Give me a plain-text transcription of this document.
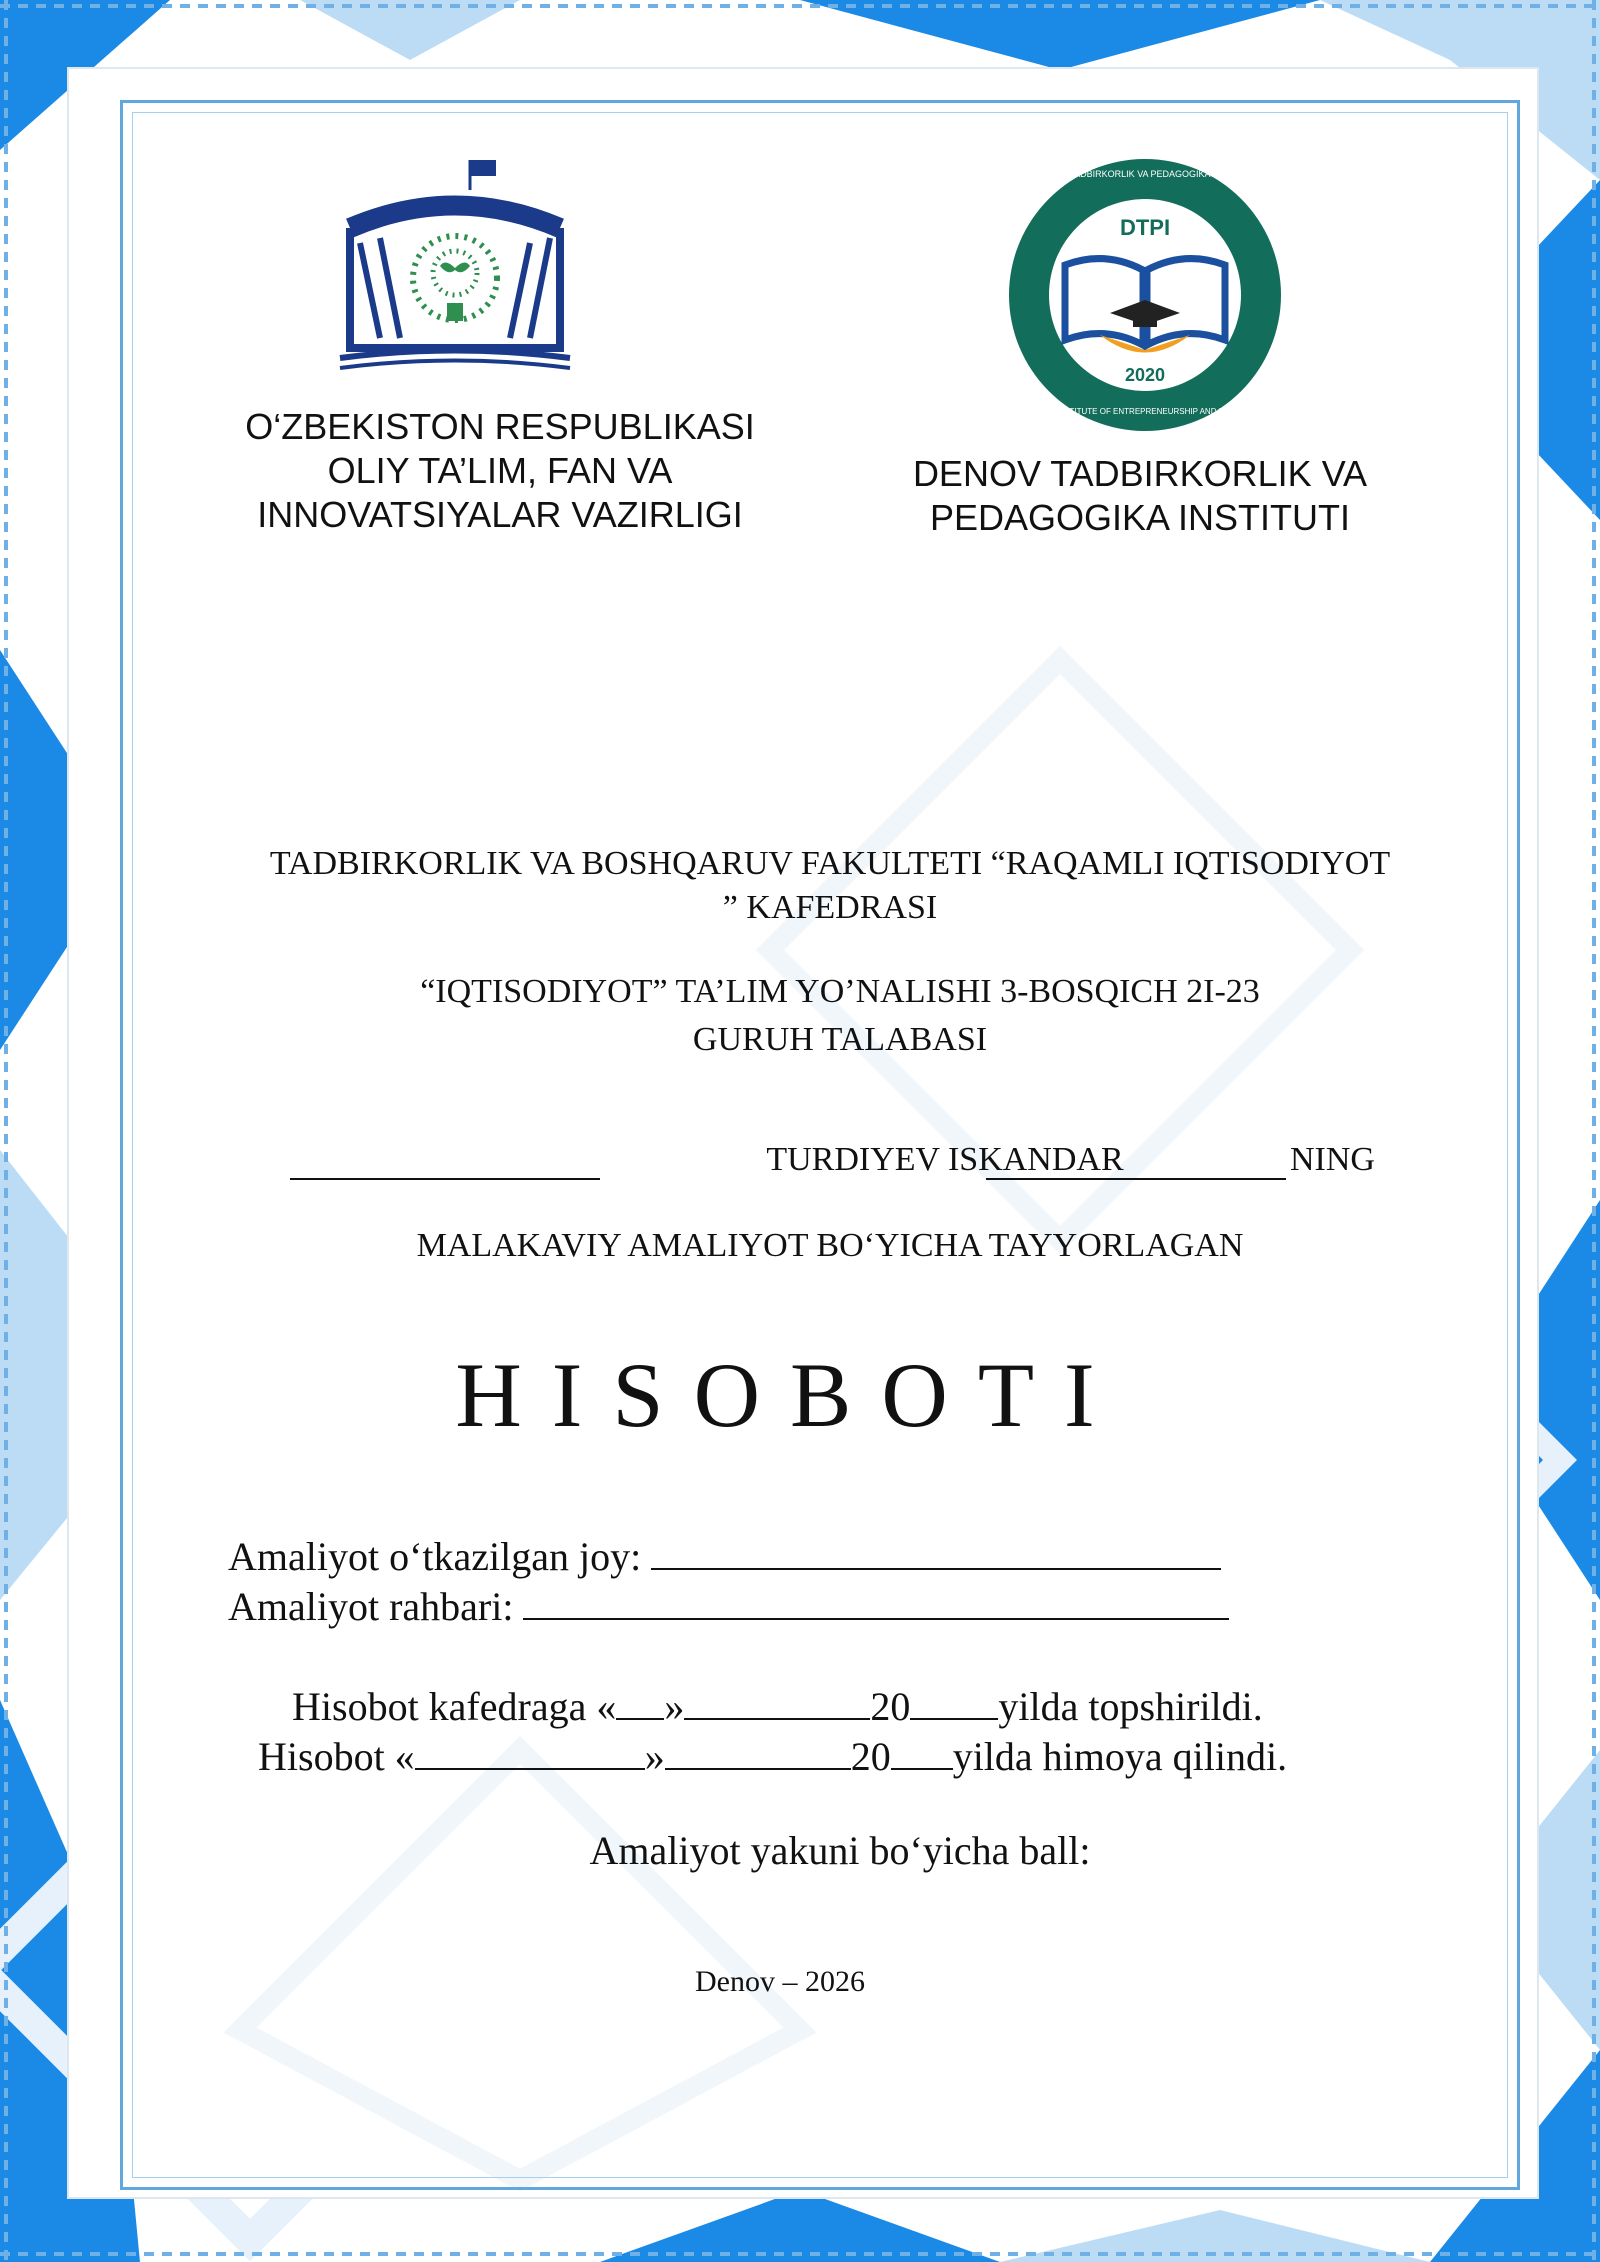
O‘ZBEKISTON RESPUBLIKASI
OLIY TA’LIM, FAN VA
INNOVATSIYALAR VAZIRLIGI
DTPI
2020
DENOV TADBIRKORLIK VA PEDAGOGIKA INSTITUTI
DENOV INSTITUTE OF ENTREPRENEURSHIP AND PEDAGOGY
DENOV TADBIRKORLIK VA
PEDAGOGIKA INSTITUTI
TADBIRKORLIK VA BOSHQARUV FAKULTETI “RAQAMLI IQTISODIYOT
” KAFEDRASI
“IQTISODIYOT” TA’LIM YO’NALISHI 3-BOSQICH 2I-23
GURUH TALABASI
TURDIYEV ISKANDAR	NING
MALAKAVIY AMALIYOT BO‘YICHA TAYYORLAGAN
HISOBOTI
Amaliyot o‘tkazilgan joy:
Amaliyot rahbari:
Hisobot kafedraga « »	20 yilda topshirildi.
Hisobot «	»	20 yilda himoya qilindi.
Amaliyot yakuni bo‘yicha ball:
Denov – 2026
